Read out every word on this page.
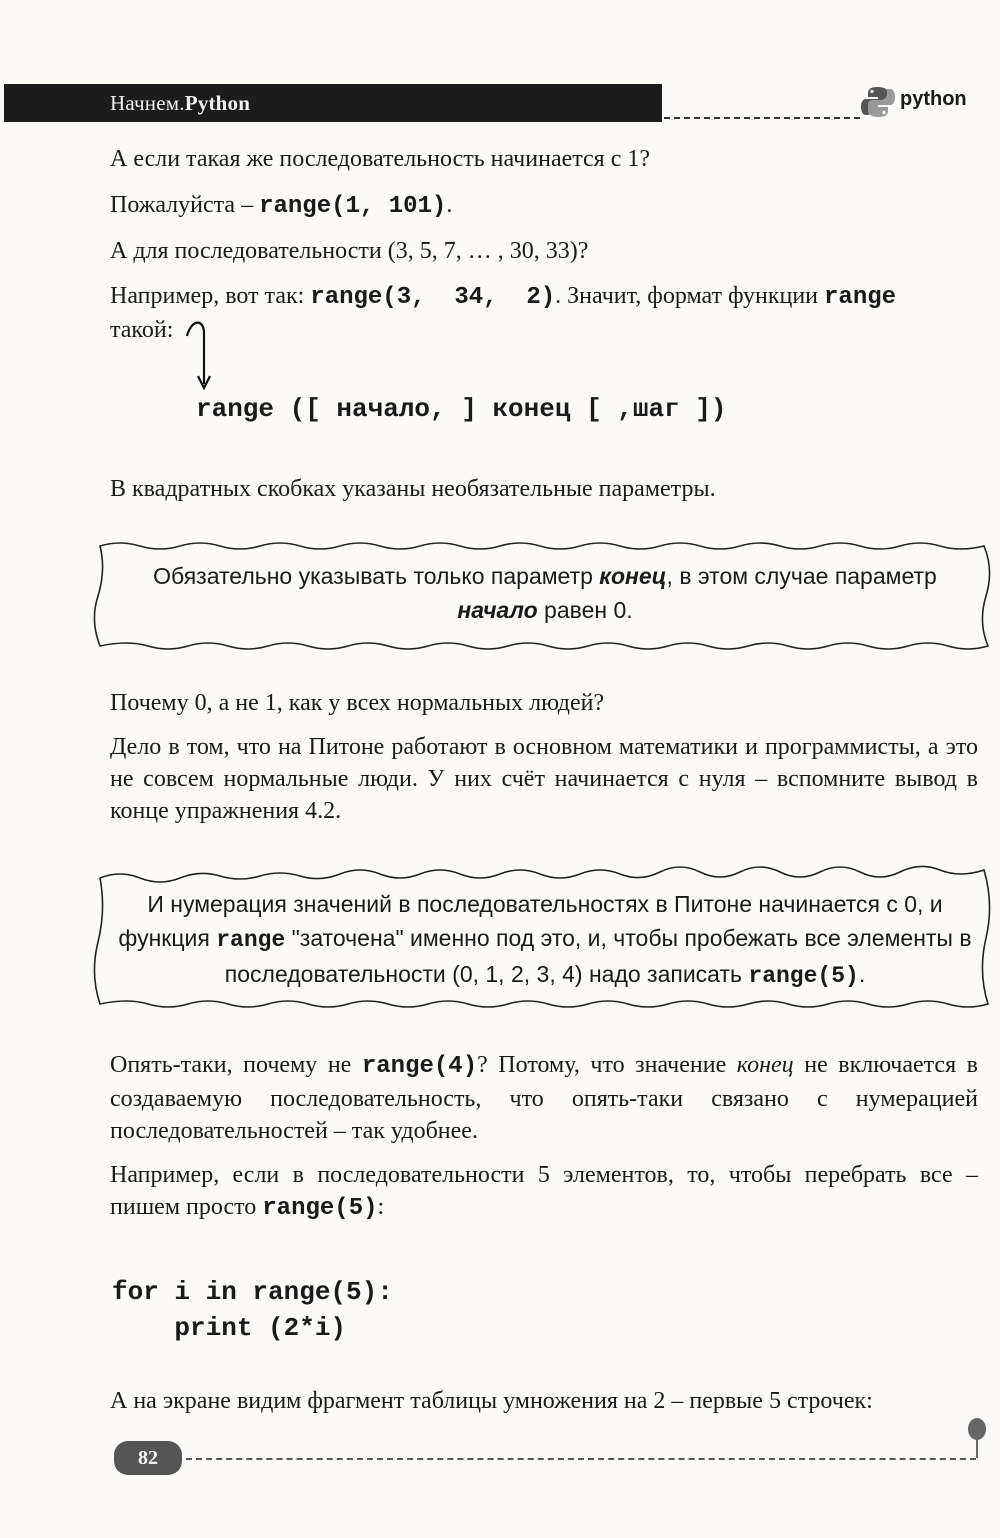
Начнем.Python	python

А если такая же последовательность начинается с 1?

Пожалуйста – range(1, 101).

А для последовательности (3, 5, 7, … , 30, 33)?

Например, вот так: range(3,  34,  2). Значит, формат функции range
такой:

range ([ начало, ] конец [ ,шаг ])

В квадратных скобках указаны необязательные параметры.

Обязательно указывать только параметр конец, в этом случае параметр начало равен 0.

Почему 0, а не 1, как у всех нормальных людей?

Дело в том, что на Питоне работают в основном математики и программисты, а это не совсем нормальные люди. У них счёт начинается с нуля – вспомните вывод в конце упражнения 4.2.

И нумерация значений в последовательностях в Питоне начинается с 0, и функция range "заточена" именно под это, и, чтобы пробежать все элементы в последовательности (0, 1, 2, 3, 4) надо записать range(5).

Опять-таки, почему не range(4)? Потому, что значение конец не включается в создаваемую последовательность, что опять-таки связано с нумерацией последовательностей – так удобнее.

Например, если в последовательности 5 элементов, то, чтобы перебрать все – пишем просто range(5):

for i in range(5):
print (2*i)

А на экране видим фрагмент таблицы умножения на 2 – первые 5 строчек:

82
